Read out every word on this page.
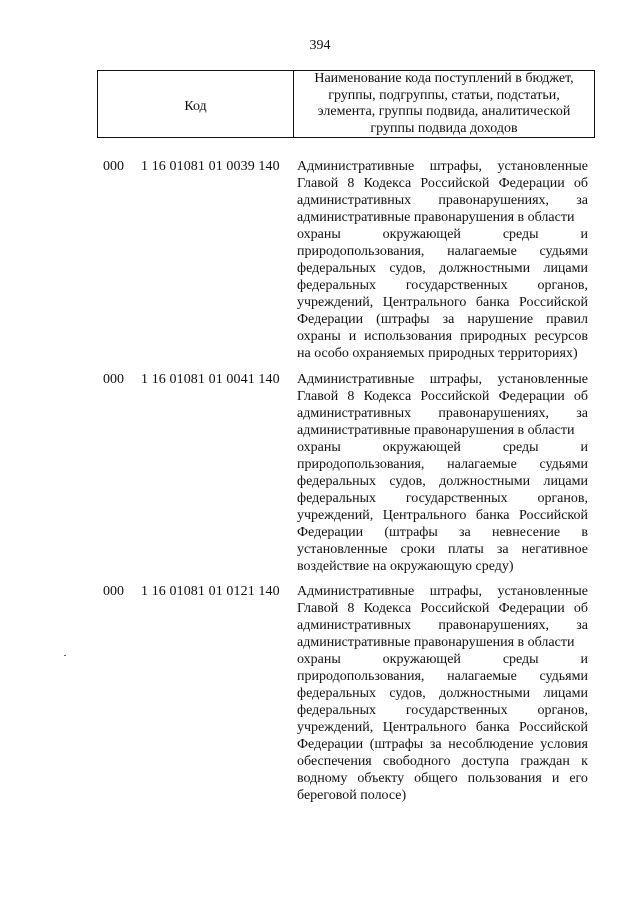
394
Код
Наименование кода поступлений в бюджет,
группы, подгруппы, статьи, подстатьи,
элемента, группы подвида, аналитической
группы подвида доходов
000 1 16 01081 01 0039 140 Административные штрафы, установленные
Главой 8 Кодекса Российской Федерации об
административных правонарушениях, за
административные правонарушения в области
охраны	окружающей	среды	и
природопользования, налагаемые судьями
федеральных судов, должностными лицами
федеральных государственных органов,
учреждений, Центрального банка Российской
Федерации (штрафы за нарушение правил
охраны и использования природных ресурсов
на особо охраняемых природных территориях)
000 1 16 01081 01 0041 140 Административные штрафы, установленные
Главой 8 Кодекса Российской Федерации об
административных правонарушениях, за
административные правонарушения в области
охраны	окружающей	среды	и
природопользования, налагаемые судьями
федеральных судов, должностными лицами
федеральных государственных органов,
учреждений, Центрального банка Российской
Федерации (штрафы за невнесение в
установленные сроки платы за негативное
воздействие на окружающую среду)
000 1 16 01081 01 0121 140 Административные штрафы, установленные
Главой 8 Кодекса Российской Федерации об
административных правонарушениях, за
административные правонарушения в области
охраны	окружающей	среды	и
природопользования, налагаемые судьями
федеральных судов, должностными лицами
федеральных государственных органов,
учреждений, Центрального банка Российской
Федерации (штрафы за несоблюдение условия
обеспечения свободного доступа граждан к
водному объекту общего пользования и его
береговой полосе)
